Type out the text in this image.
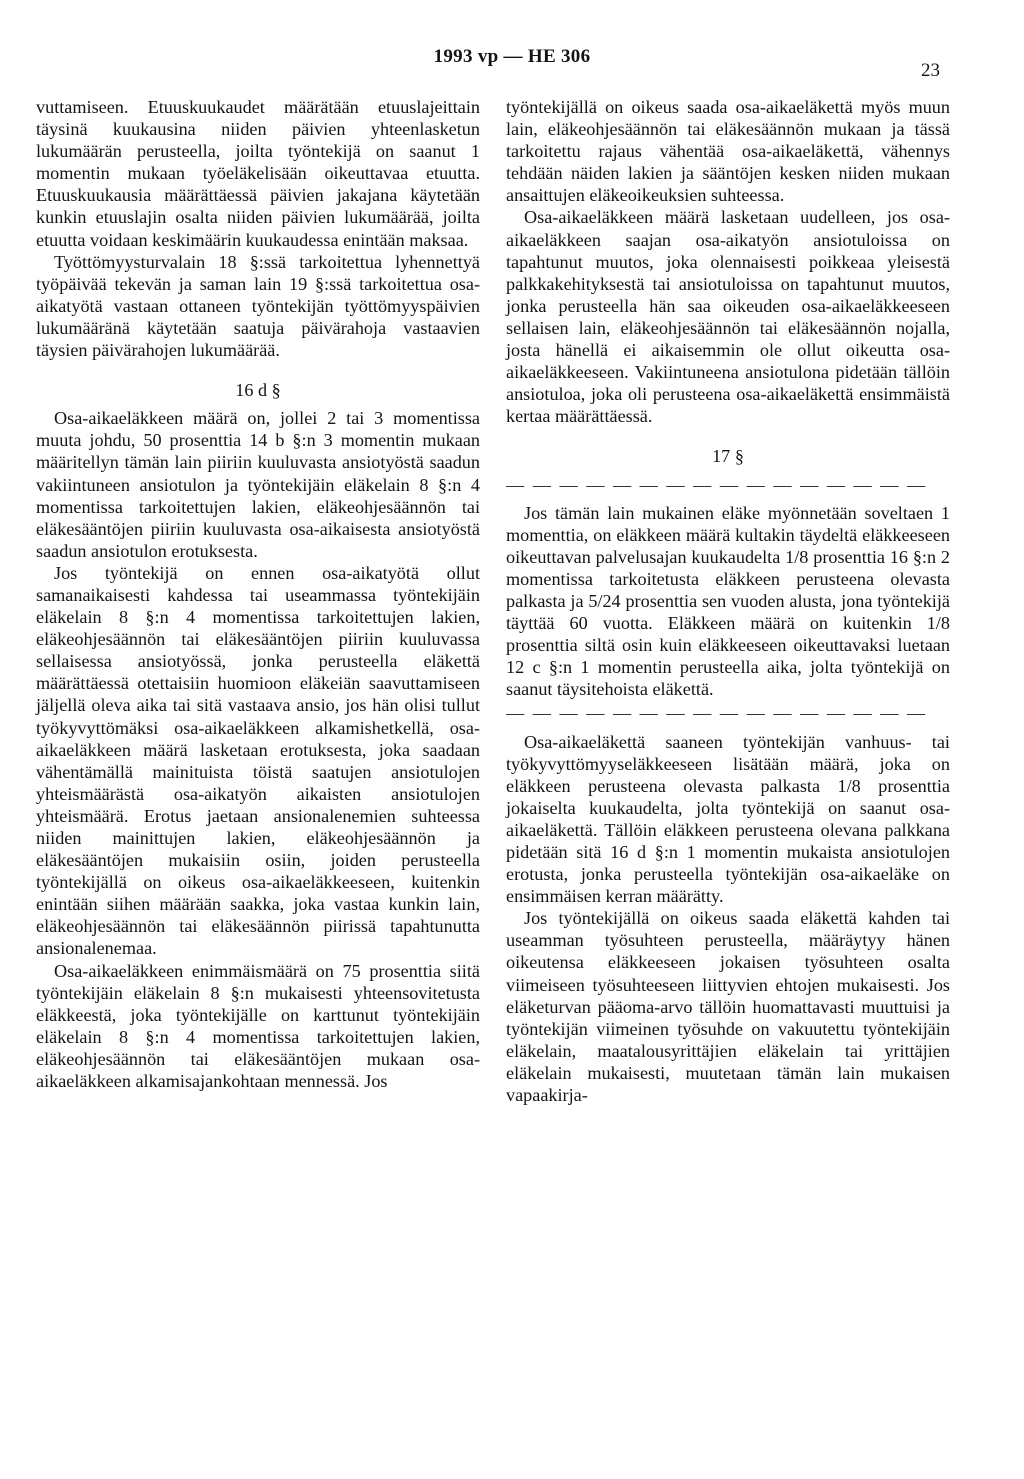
1993 vp — HE 306
23

vuttamiseen. Etuuskuukaudet määrätään etuuslajeittain täysinä kuukausina niiden päivien yhteenlasketun lukumäärän perusteella, joilta työntekijä on saanut 1 momentin mukaan työeläkelisään oikeuttavaa etuutta. Etuuskuukausia määrättäessä päivien jakajana käytetään kunkin etuuslajin osalta niiden päivien lukumäärää, joilta etuutta voidaan keskimäärin kuukaudessa enintään maksaa.

Työttömyysturvalain 18 §:ssä tarkoitettua lyhennettyä työpäivää tekevän ja saman lain 19 §:ssä tarkoitettua osa-aikatyötä vastaan ottaneen työntekijän työttömyyspäivien lukumääränä käytetään saatuja päivärahoja vastaavien täysien päivärahojen lukumäärää.

16 d §

Osa-aikaeläkkeen määrä on, jollei 2 tai 3 momentissa muuta johdu, 50 prosenttia 14 b §:n 3 momentin mukaan määritellyn tämän lain piiriin kuuluvasta ansiotyöstä saadun vakiintuneen ansiotulon ja työntekijäin eläkelain 8 §:n 4 momentissa tarkoitettujen lakien, eläkeohjesäännön tai eläkesääntöjen piiriin kuuluvasta osa-aikaisesta ansiotyöstä saadun ansiotulon erotuksesta.

Jos työntekijä on ennen osa-aikatyötä ollut samanaikaisesti kahdessa tai useammassa työntekijäin eläkelain 8 §:n 4 momentissa tarkoitettujen lakien, eläkeohjesäännön tai eläkesääntöjen piiriin kuuluvassa sellaisessa ansiotyössä, jonka perusteella eläkettä määrättäessä otettaisiin huomioon eläkeiän saavuttamiseen jäljellä oleva aika tai sitä vastaava ansio, jos hän olisi tullut työkyvyttömäksi osa-aikaeläkkeen alkamishetkellä, osa-aikaeläkkeen määrä lasketaan erotuksesta, joka saadaan vähentämällä mainituista töistä saatujen ansiotulojen yhteismäärästä osa-aikatyön aikaisten ansiotulojen yhteismäärä. Erotus jaetaan ansionalenemien suhteessa niiden mainittujen lakien, eläkeohjesäännön ja eläkesääntöjen mukaisiin osiin, joiden perusteella työntekijällä on oikeus osa-aikaeläkkeeseen, kuitenkin enintään siihen määrään saakka, joka vastaa kunkin lain, eläkeohjesäännön tai eläkesäännön piirissä tapahtunutta ansionalenemaa.

Osa-aikaeläkkeen enimmäismäärä on 75 prosenttia siitä työntekijäin eläkelain 8 §:n mukaisesti yhteensovitetusta eläkkeestä, joka työntekijälle on karttunut työntekijäin eläkelain 8 §:n 4 momentissa tarkoitettujen lakien, eläkeohjesäännön tai eläkesääntöjen mukaan osa-aikaeläkkeen alkamisajankohtaan mennessä. Jos

työntekijällä on oikeus saada osa-aikaeläkettä myös muun lain, eläkeohjesäännön tai eläkesäännön mukaan ja tässä tarkoitettu rajaus vähentää osa-aikaeläkettä, vähennys tehdään näiden lakien ja sääntöjen kesken niiden mukaan ansaittujen eläkeoikeuksien suhteessa.

Osa-aikaeläkkeen määrä lasketaan uudelleen, jos osa-aikaeläkkeen saajan osa-aikatyön ansiotuloissa on tapahtunut muutos, joka olennaisesti poikkeaa yleisestä palkkakehityksestä tai ansiotuloissa on tapahtunut muutos, jonka perusteella hän saa oikeuden osa-aikaeläkkeeseen sellaisen lain, eläkeohjesäännön tai eläkesäännön nojalla, josta hänellä ei aikaisemmin ole ollut oikeutta osa-aikaeläkkeeseen. Vakiintuneena ansiotulona pidetään tällöin ansiotuloa, joka oli perusteena osa-aikaeläkettä ensimmäistä kertaa määrättäessä.

17 §

— — — — — — — — — — — — — — — —

Jos tämän lain mukainen eläke myönnetään soveltaen 1 momenttia, on eläkkeen määrä kultakin täydeltä eläkkeeseen oikeuttavan palvelusajan kuukaudelta 1/8 prosenttia 16 §:n 2 momentissa tarkoitetusta eläkkeen perusteena olevasta palkasta ja 5/24 prosenttia sen vuoden alusta, jona työntekijä täyttää 60 vuotta. Eläkkeen määrä on kuitenkin 1/8 prosenttia siltä osin kuin eläkkeeseen oikeuttavaksi luetaan 12 c §:n 1 momentin perusteella aika, jolta työntekijä on saanut täysitehoista eläkettä.

— — — — — — — — — — — — — — — —

Osa-aikaeläkettä saaneen työntekijän vanhuus- tai työkyvyttömyyseläkkeeseen lisätään määrä, joka on eläkkeen perusteena olevasta palkasta 1/8 prosenttia jokaiselta kuukaudelta, jolta työntekijä on saanut osa-aikaeläkettä. Tällöin eläkkeen perusteena olevana palkkana pidetään sitä 16 d §:n 1 momentin mukaista ansiotulojen erotusta, jonka perusteella työntekijän osa-aikaeläke on ensimmäisen kerran määrätty.

Jos työntekijällä on oikeus saada eläkettä kahden tai useamman työsuhteen perusteella, määräytyy hänen oikeutensa eläkkeeseen jokaisen työsuhteen osalta viimeiseen työsuhteeseen liittyvien ehtojen mukaisesti. Jos eläketurvan pääoma-arvo tällöin huomattavasti muuttuisi ja työntekijän viimeinen työsuhde on vakuutettu työntekijäin eläkelain, maatalousyrittäjien eläkelain tai yrittäjien eläkelain mukaisesti, muutetaan tämän lain mukaisen vapaakirja-
